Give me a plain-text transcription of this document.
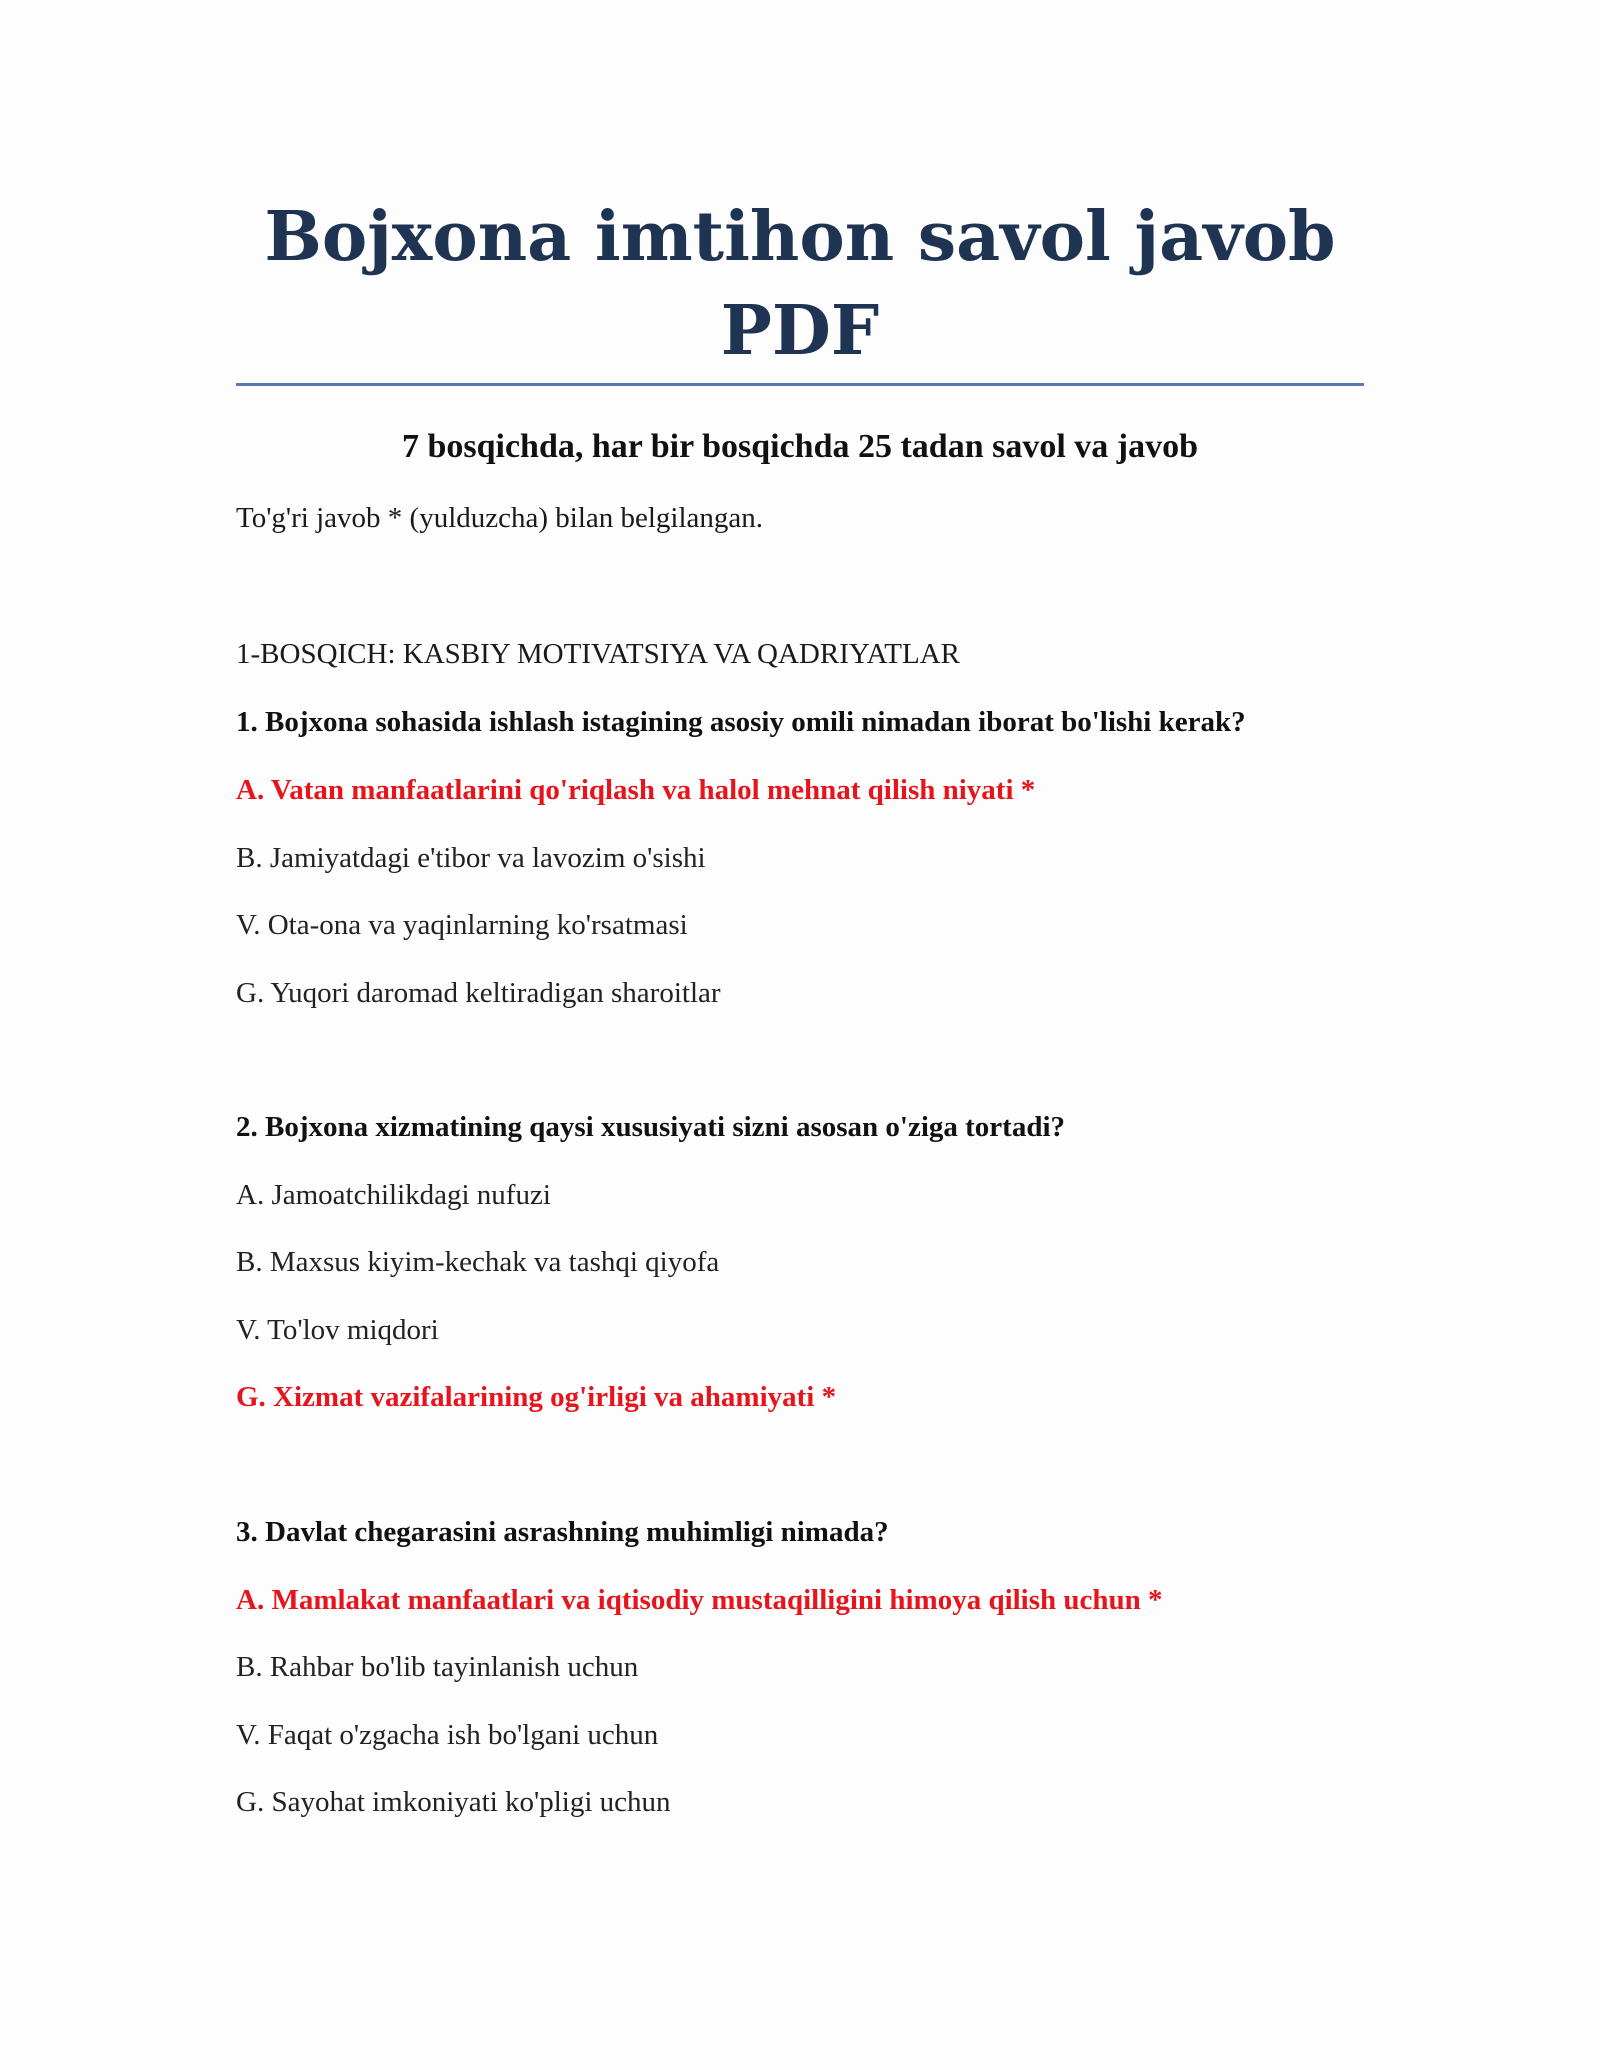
Bojxona imtihon savol javob PDF
7 bosqichda, har bir bosqichda 25 tadan savol va javob

To'g'ri javob * (yulduzcha) bilan belgilangan.

1-BOSQICH: KASBIY MOTIVATSIYA VA QADRIYATLAR

1. Bojxona sohasida ishlash istagining asosiy omili nimadan iborat bo'lishi kerak?

A. Vatan manfaatlarini qo'riqlash va halol mehnat qilish niyati *

B. Jamiyatdagi e'tibor va lavozim o'sishi

V. Ota-ona va yaqinlarning ko'rsatmasi

G. Yuqori daromad keltiradigan sharoitlar

2. Bojxona xizmatining qaysi xususiyati sizni asosan o'ziga tortadi?

A. Jamoatchilikdagi nufuzi

B. Maxsus kiyim-kechak va tashqi qiyofa

V. To'lov miqdori

G. Xizmat vazifalarining og'irligi va ahamiyati *

3. Davlat chegarasini asrashning muhimligi nimada?

A. Mamlakat manfaatlari va iqtisodiy mustaqilligini himoya qilish uchun *

B. Rahbar bo'lib tayinlanish uchun

V. Faqat o'zgacha ish bo'lgani uchun

G. Sayohat imkoniyati ko'pligi uchun
